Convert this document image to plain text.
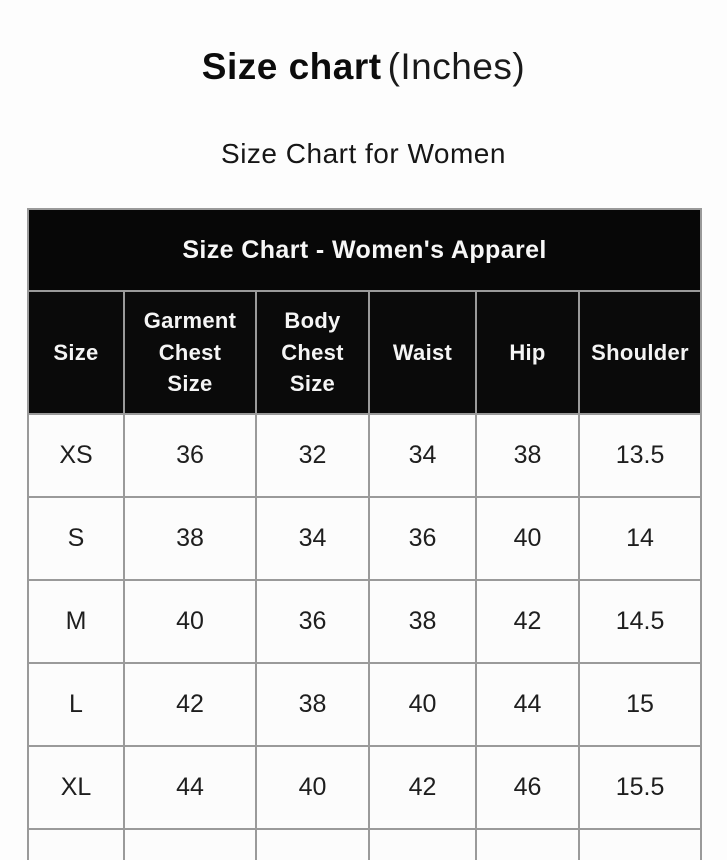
Size chart (Inches)
Size Chart for Women
Size Chart - Women's Apparel					
Size	Garment Chest Size	Body Chest Size	Waist	Hip	Shoulder
XS	36	32	34	38	13.5
S	38	34	36	40	14
M	40	36	38	42	14.5
L	42	38	40	44	15
XL	44	40	42	46	15.5
